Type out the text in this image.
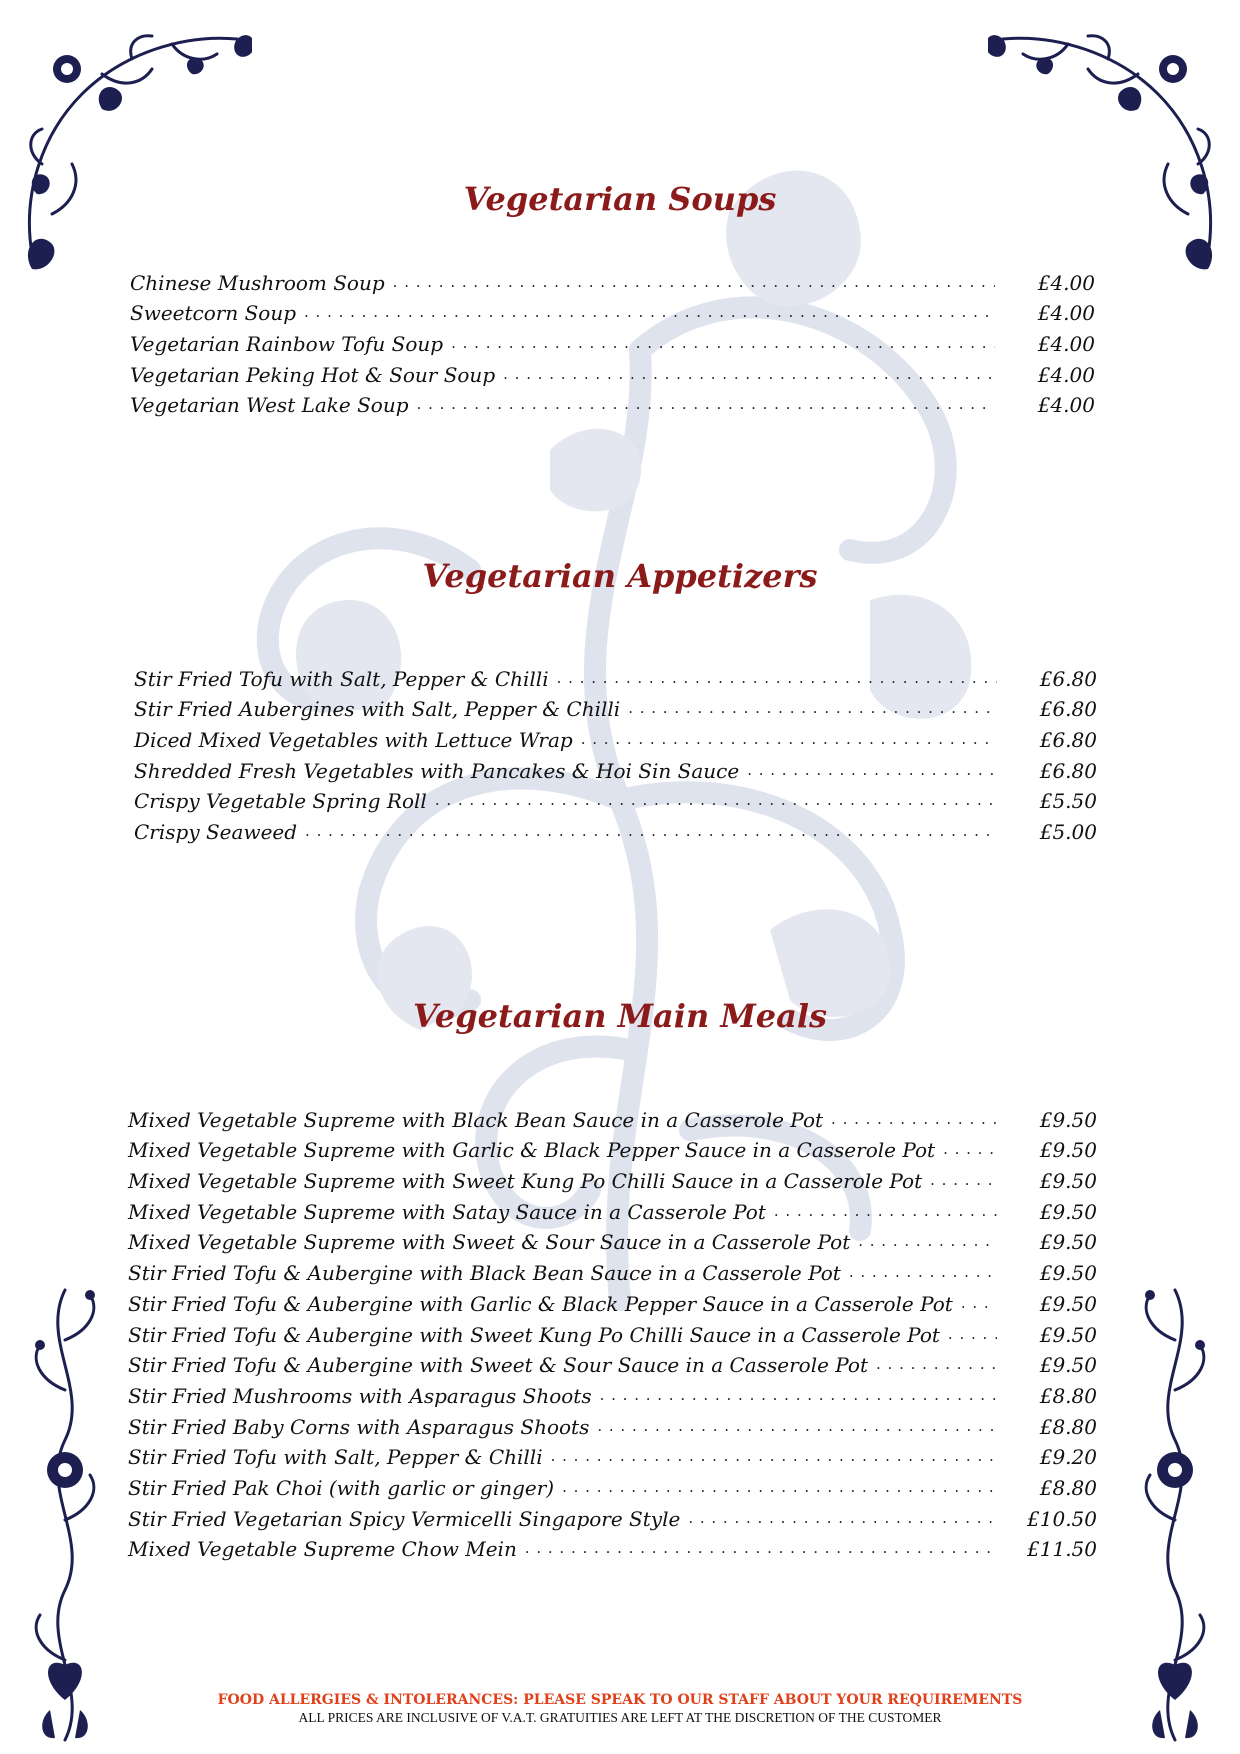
Vegetarian Soups
Chinese Mushroom Soup . . .	£4.00
Sweetcorn Soup . . .	£4.00
Vegetarian Rainbow Tofu Soup . . .	£4.00
Vegetarian Peking Hot & Sour Soup . . .	£4.00
Vegetarian West Lake Soup . . .	£4.00
Vegetarian Appetizers
Stir Fried Tofu with Salt, Pepper & Chilli . . .	£6.80
Stir Fried Aubergines with Salt, Pepper & Chilli . . .	£6.80
Diced Mixed Vegetables with Lettuce Wrap . . .	£6.80
Shredded Fresh Vegetables with Pancakes & Hoi Sin Sauce . . .	£6.80
Crispy Vegetable Spring Roll . . .	£5.50
Crispy Seaweed . . .	£5.00
Vegetarian Main Meals
Mixed Vegetable Supreme with Black Bean Sauce in a Casserole Pot . . .	£9.50
Mixed Vegetable Supreme with Garlic & Black Pepper Sauce in a Casserole Pot . . .	£9.50
Mixed Vegetable Supreme with Sweet Kung Po Chilli Sauce in a Casserole Pot . . .	£9.50
Mixed Vegetable Supreme with Satay Sauce in a Casserole Pot . . .	£9.50
Mixed Vegetable Supreme with Sweet & Sour Sauce in a Casserole Pot . . .	£9.50
Stir Fried Tofu & Aubergine with Black Bean Sauce in a Casserole Pot . . .	£9.50
Stir Fried Tofu & Aubergine with Garlic & Black Pepper Sauce in a Casserole Pot . . .	£9.50
Stir Fried Tofu & Aubergine with Sweet Kung Po Chilli Sauce in a Casserole Pot . . .	£9.50
Stir Fried Tofu & Aubergine with Sweet & Sour Sauce in a Casserole Pot . . .	£9.50
Stir Fried Mushrooms with Asparagus Shoots . . .	£8.80
Stir Fried Baby Corns with Asparagus Shoots . . .	£8.80
Stir Fried Tofu with Salt, Pepper & Chilli . . .	£9.20
Stir Fried Pak Choi (with garlic or ginger) . . .	£8.80
Stir Fried Vegetarian Spicy Vermicelli Singapore Style . . .	£10.50
Mixed Vegetable Supreme Chow Mein . . .	£11.50

FOOD ALLERGIES & INTOLERANCES: PLEASE SPEAK TO OUR STAFF ABOUT YOUR REQUIREMENTS

ALL PRICES ARE INCLUSIVE OF V.A.T. GRATUITIES ARE LEFT AT THE DISCRETION OF THE CUSTOMER
